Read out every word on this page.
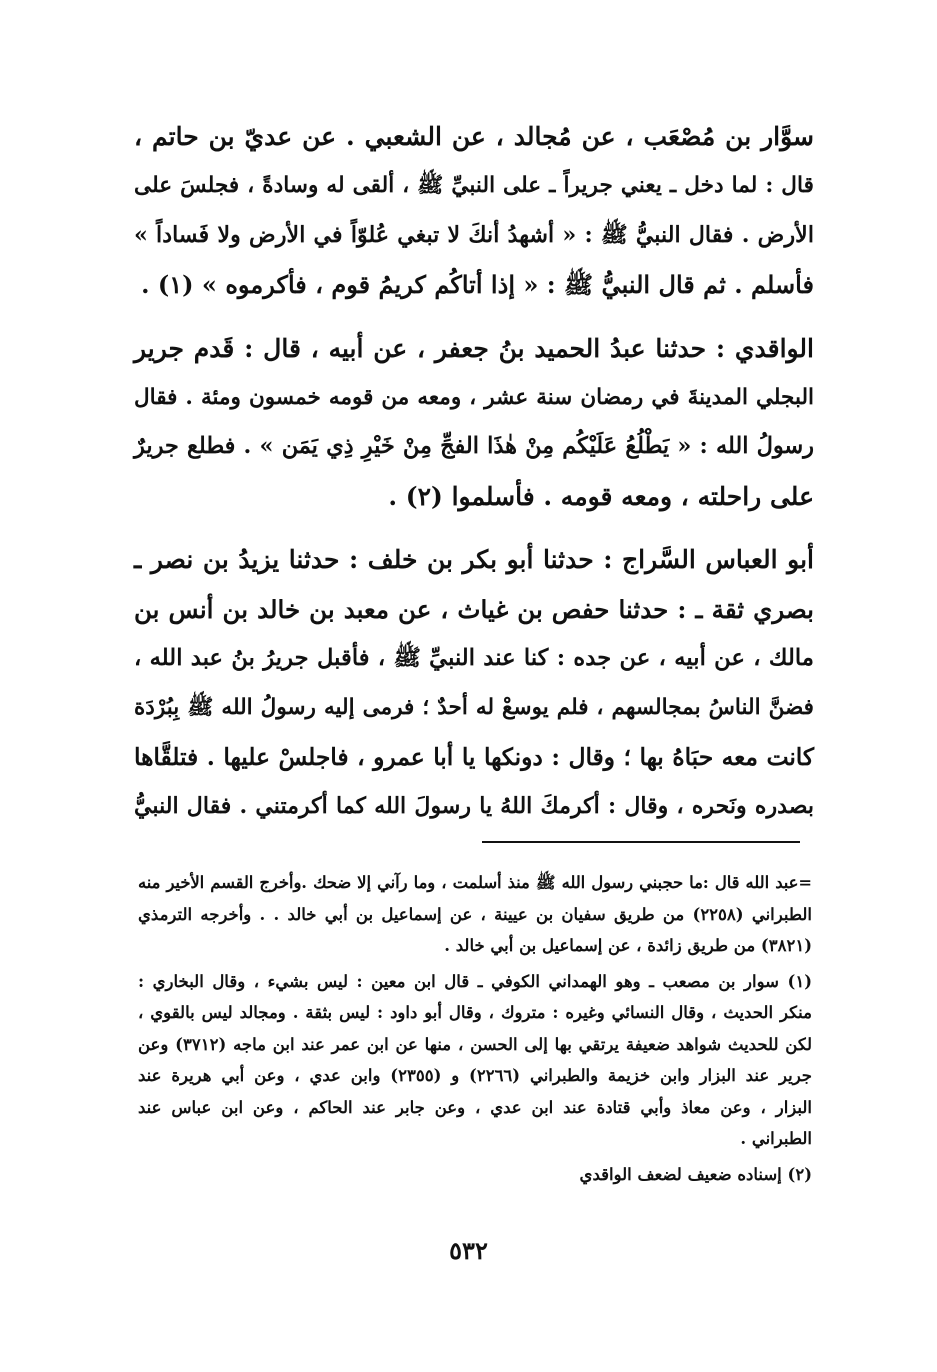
سوَّار بن مُصْعَب ، عن مُجالد ، عن الشعبي . عن عديّ بن حاتم ،
قال : لما دخل ـ يعني جريراً ـ على النبيِّ ﷺ ، ألقى له وسادةً ، فجلسَ على
الأرض . فقال النبيُّ ﷺ : « أشهدُ أنكَ لا تبغي عُلوّاً في الأرض ولا فَساداً »
فأسلم . ثم قال النبيُّ ﷺ : « إذا أتاكُم كريمُ قوم ، فأكرموه » (١) .
الواقدي : حدثنا عبدُ الحميد بنُ جعفر ، عن أبيه ، قال : قَدم جرير
البجلي المدينةَ في رمضان سنة عشر ، ومعه من قومه خمسون ومئة . فقال
رسولُ الله : « يَطْلُعُ عَلَيْكُم مِنْ هٰذَا الفجِّ مِنْ خَيْرِ ذِي يَمَن » . فطلع جريرٌ
على راحلته ، ومعه قومه . فأسلموا (٢) .
أبو العباس السَّراج : حدثنا أبو بكر بن خلف : حدثنا يزيدُ بن نصر ـ
بصري ثقة ـ : حدثنا حفص بن غياث ، عن معبد بن خالد بن أنس بن
مالك ، عن أبيه ، عن جده : كنا عند النبيِّ ﷺ ، فأقبل جريرُ بنُ عبد الله ،
فضنَّ الناسُ بمجالسهم ، فلم يوسعْ له أحدٌ ؛ فرمى إليه رسولُ الله ﷺ بِبُرْدَة
كانت معه حبَاهُ بها ؛ وقال : دونكها يا أبا عمرو ، فاجلسْ عليها . فتلقَّاها
بصدره ونَحره ، وقال : أكرمكَ اللهُ يا رسولَ الله كما أكرمتني . فقال النبيُّ
=عبد الله قال :ما حجبني رسول الله ﷺ منذ أسلمت ، وما رآني إلا ضحك .وأخرج القسم الأخير منه
الطبراني (٢٢٥٨) من طريق سفيان بن عيينة ، عن إسماعيل بن أبي خالد . . وأخرجه الترمذي
(٣٨٢١) من طريق زائدة ، عن إسماعيل بن أبي خالد .
(١) سوار بن مصعب ـ وهو الهمداني الكوفي ـ قال ابن معين : ليس بشيء ، وقال البخاري :
منكر الحديث ، وقال النسائي وغيره : متروك ، وقال أبو داود : ليس بثقة . ومجالد ليس بالقوي ،
لكن للحديث شواهد ضعيفة يرتقي بها إلى الحسن ، منها عن ابن عمر عند ابن ماجه (٣٧١٢) وعن
جرير عند البزار وابن خزيمة والطبراني (٢٢٦٦) و (٢٣٥٥) وابن عدي ، وعن أبي هريرة عند
البزار ، وعن معاذ وأبي قتادة عند ابن عدي ، وعن جابر عند الحاكم ، وعن ابن عباس عند
الطبراني .
(٢) إسناده ضعيف لضعف الواقدي
٥٣٢
